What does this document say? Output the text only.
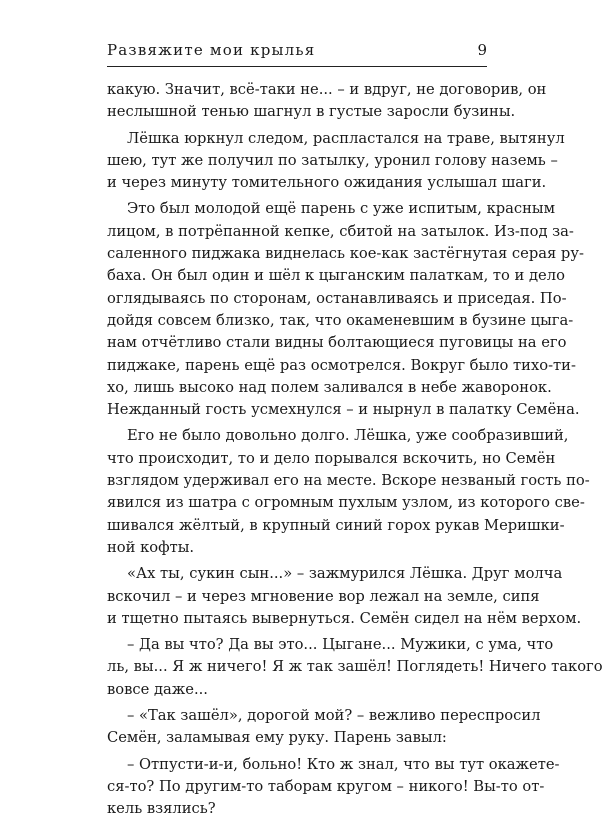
Развяжите мои крылья	9
какую. Значит, всё-таки не... – и вдруг, не договорив, он
неслышной тенью шагнул в густые заросли бузины.
Лёшка юркнул следом, распластался на траве, вытянул
шею, тут же получил по затылку, уронил голову наземь –
и через минуту томительного ожидания услышал шаги.
Это был молодой ещё парень с уже испитым, красным
лицом, в потрёпанной кепке, сбитой на затылок. Из-под за-
саленного пиджака виднелась кое-как застёгнутая серая ру-
баха. Он был один и шёл к цыганским палаткам, то и дело
оглядываясь по сторонам, останавливаясь и приседая. По-
дойдя совсем близко, так, что окаменевшим в бузине цыга-
нам отчётливо стали видны болтающиеся пуговицы на его
пиджаке, парень ещё раз осмотрелся. Вокруг было тихо-ти-
хо, лишь высоко над полем заливался в небе жаворонок.
Нежданный гость усмехнулся – и нырнул в палатку Семёна.
Его не было довольно долго. Лёшка, уже сообразивший,
что происходит, то и дело порывался вскочить, но Семён
взглядом удерживал его на месте. Вскоре незваный гость по-
явился из шатра с огромным пухлым узлом, из которого све-
шивался жёлтый, в крупный синий горох рукав Меришки-
ной кофты.
«Ах ты, сукин сын...» – зажмурился Лёшка. Друг молча
вскочил – и через мгновение вор лежал на земле, сипя
и тщетно пытаясь вывернуться. Семён сидел на нём верхом.
– Да вы что? Да вы это... Цыгане... Мужики, с ума, что
ль, вы... Я ж ничего! Я ж так зашёл! Поглядеть! Ничего такого
вовсе даже...
– «Так зашёл», дорогой мой? – вежливо переспросил
Семён, заламывая ему руку. Парень завыл:
– Отпусти-и-и, больно! Кто ж знал, что вы тут окажете-
ся-то? По другим-то таборам кругом – никого! Вы-то от-
кель взялись?
